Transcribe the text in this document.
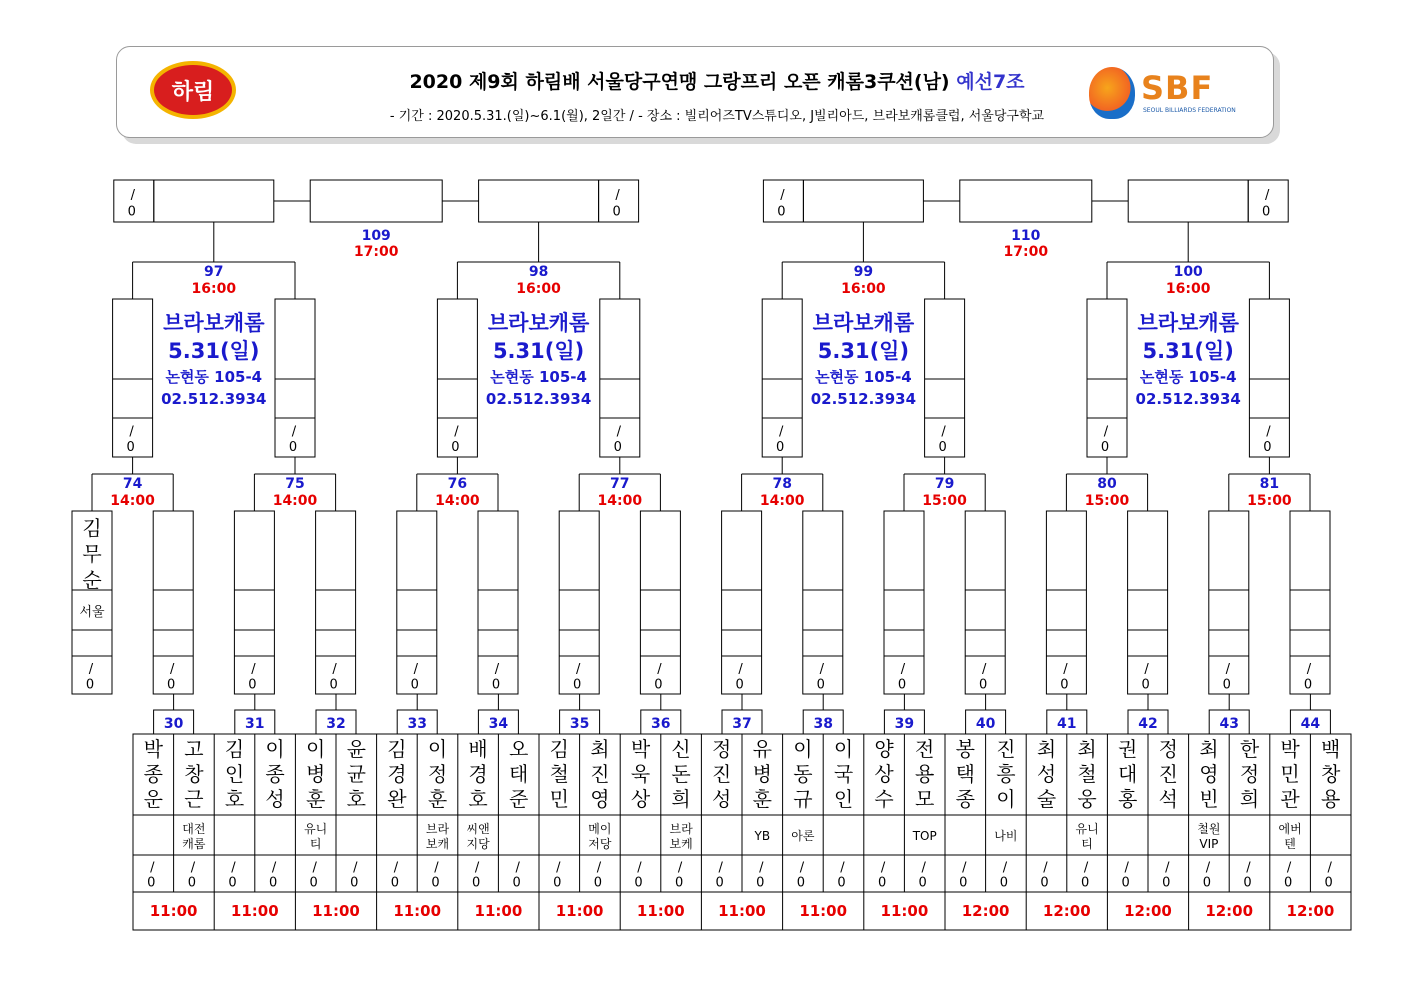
하림	2020 제9회 하림배 서울당구연맹 그랑프리 오픈 캐롬3쿠션(남) 예선7조
- 기간 : 2020.5.31.(일)~6.1(월), 2일간 / - 장소 : 빌리어즈TV스튜디오, J빌리아드, 브라보캐롬클럽, 서울당구학교
SBF
SEOUL BILLIARDS FEDERATION
30
11:00
박
종
운
/
0
고
창
근
대전
캐롬
/
0
31
11:00
김
인
호
/
0
이
종
성
/
0
32
11:00
이
병
훈
유니
티
/
0
윤
균
호
/
0
33
11:00
김
경
완
/
0
이
정
훈
브라
보캐
/
0
34
11:00
배
경
호
씨앤
지당
/
0
오
태
준
/
0
35
11:00
김
철
민
/
0
최
진
영
메이
저당
/
0
36
11:00
박
욱
상
/
0
신
돈
희
브라
보케
/
0
37
11:00
정
진
성
/
0
유
병
훈
YB
/
0
38
11:00
이
동
규
아론
/
0
이
국
인
/
0
39
11:00
양
상
수
/
0
전
용
모
TOP
/
0
40
12:00
봉
택
종
/
0
진
흥
이
나비
/
0
41
12:00
최
성
술
/
0
최
철
웅
유니
티
/
0
42
12:00
권
대
홍
/
0
정
진
석
/
0
43
12:00
최
영
빈
철원
VIP
/
0
한
정
희
/
0
44
12:00
박
민
관
에버
텐
/
0
백
창
용
/
0
/
0
김
무
순
서울
/
0
/
0
/
0
/
0
/
0
/
0
/
0
/
0
/
0
/
0
/
0
/
0
/
0
/
0
/
0
74
14:00
75
14:00
76
14:00
77
14:00
78
14:00
79
15:00
80
15:00
81
15:00
/
0
/
0
/
0
/
0
/
0
/
0
/
0
/
0
97
16:00
브라보캐롬
5.31(일)
논현동 105-4
02.512.3934
/
0
98
16:00
브라보캐롬
5.31(일)
논현동 105-4
02.512.3934
/
0
99
16:00
브라보캐롬
5.31(일)
논현동 105-4
02.512.3934
/
0
100
16:00
브라보캐롬
5.31(일)
논현동 105-4
02.512.3934
/
0
109
17:00
110
17:00
